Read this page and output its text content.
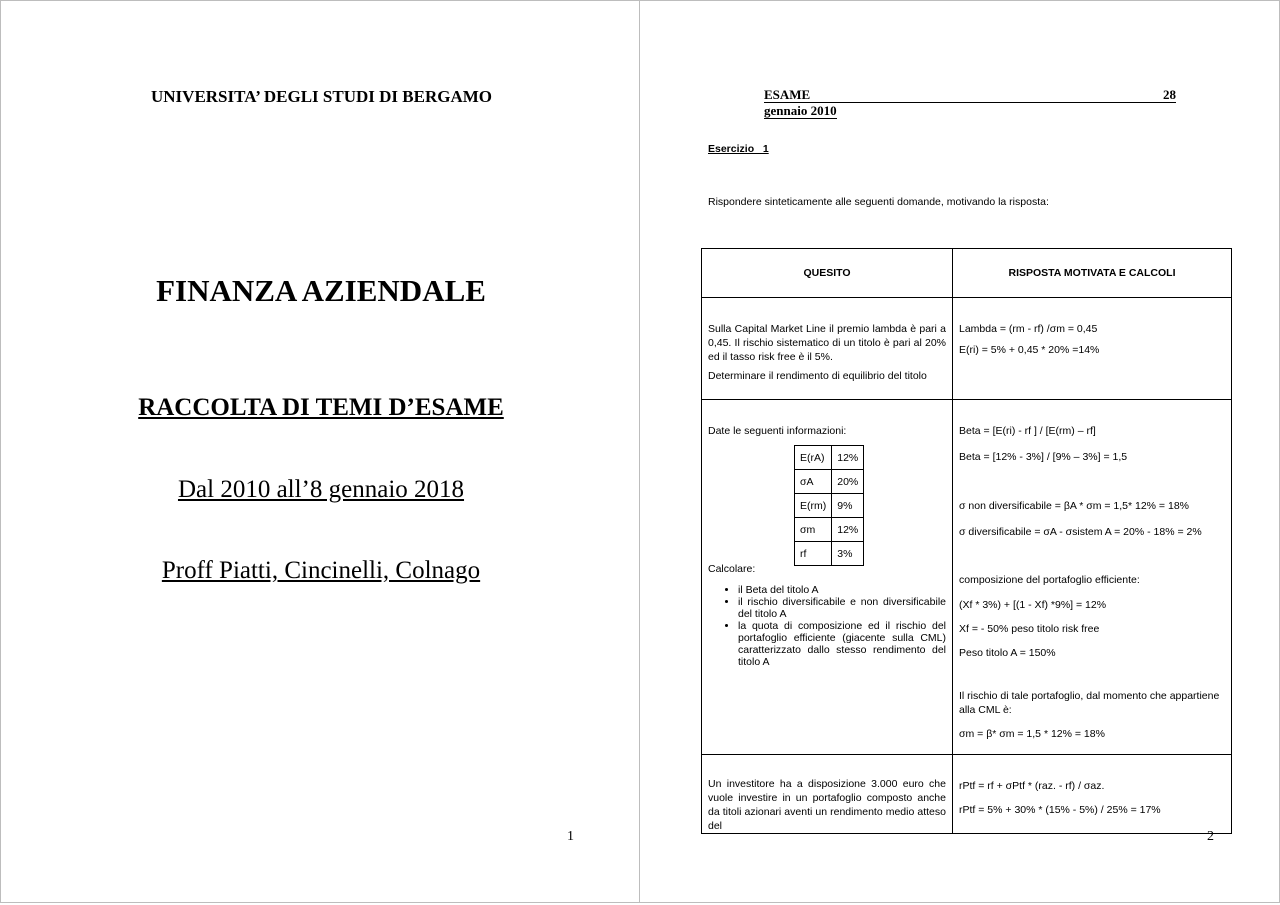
UNIVERSITA’ DEGLI STUDI DI BERGAMO
FINANZA AZIENDALE
RACCOLTA DI TEMI D’ESAME
Dal 2010 all’8 gennaio 2018
Proff Piatti, Cincinelli, Colnago
1
ESAME	28
gennaio 2010
Esercizio   1
Rispondere sinteticamente alle seguenti domande, motivando la risposta:
QUESITO	RISPOSTA MOTIVATA E CALCOLI

Sulla Capital Market Line il premio lambda è pari a 0,45. Il rischio sistematico di un titolo è pari al 20% ed il tasso risk free è il 5%.
Determinare il rendimento di equilibrio del titolo

Lambda = (rm - rf) /σm = 0,45
E(ri) = 5% + 0,45 * 20% =14%

Date le seguenti informazioni:
E(rA)	12%
σA	20%
E(rm)	9%
σm	12%
rf	3%
Calcolare:
• il Beta del titolo A
• il rischio diversificabile e non diversificabile del titolo A
• la quota di composizione ed il rischio del portafoglio efficiente (giacente sulla CML) caratterizzato dallo stesso rendimento del titolo A

Beta = [E(ri) - rf ] / [E(rm) – rf]
Beta = [12% - 3%] / [9% – 3%] = 1,5
σ non diversificabile = βA * σm = 1,5* 12% = 18%
σ diversificabile = σA - σsistem A = 20% - 18% = 2%
composizione del portafoglio efficiente:
(Xf * 3%) + [(1 - Xf) *9%] = 12%
Xf = - 50% peso titolo risk free
Peso titolo A = 150%
Il rischio di tale portafoglio, dal momento che appartiene alla CML è:
σm = β* σm = 1,5 * 12% = 18%

Un investitore ha a disposizione 3.000 euro che vuole investire in un portafoglio composto anche da titoli azionari aventi un rendimento medio atteso del

rPtf = rf + σPtf * (raz. - rf) / σaz.
rPtf = 5% + 30% * (15% - 5%) / 25% = 17%
2
